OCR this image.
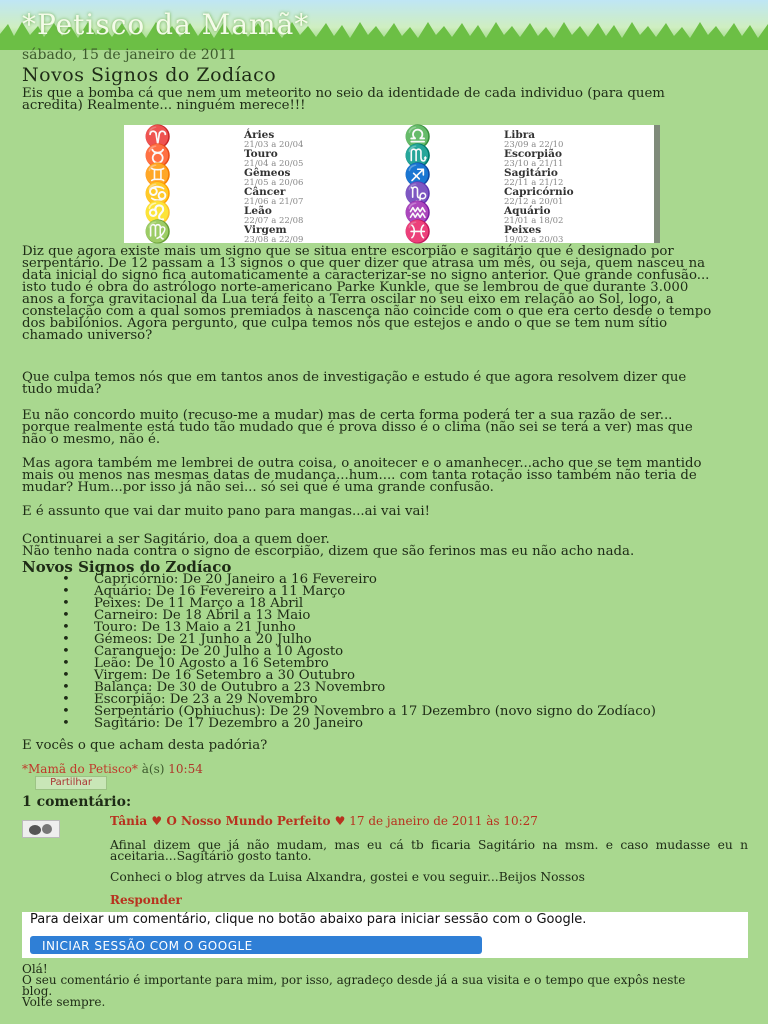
*Petisco da Mamã*
sábado, 15 de janeiro de 2011
Novos Signos do Zodíaco

Eis que a bomba cá que nem um meteorito no seio da identidade de cada individuo (para quem acredita) Realmente... ninguém merece!!!

♈	Áries
21/03 a 20/04
♉	Touro
21/04 a 20/05
♊	Gêmeos
21/05 a 20/06
♋	Câncer
21/06 a 21/07
♌	Leão
22/07 a 22/08
♍	Virgem
23/08 a 22/09
♎	Libra
23/09 a 22/10
♏	Escorpião
23/10 a 21/11
♐	Sagitário
22/11 a 21/12
♑	Capricórnio
22/12 a 20/01
♒	Aquário
21/01 a 18/02
♓	Peixes
19/02 a 20/03

Diz que agora existe mais um signo que se situa entre escorpião e sagitário que é designado por serpentário. De 12 passam a 13 signos o que quer dizer que atrasa um mês, ou seja, quem nasceu na data inicial do signo fica automaticamente a caracterizar-se no signo anterior. Que grande confusão... isto tudo é obra do astrólogo norte-americano Parke Kunkle, que se lembrou de que durante 3.000 anos a força gravitacional da Lua terá feito a Terra oscilar no seu eixo em relação ao Sol, logo, a constelação com a qual somos premiados à nascença não coincide com o que era certo desde o tempo dos babilónios. Agora pergunto, que culpa temos nós que estejos e ando o que se tem num sítio chamado universo?

Que culpa temos nós que em tantos anos de investigação e estudo é que agora resolvem dizer que tudo muda?

Eu não concordo muito (recuso-me a mudar) mas de certa forma poderá ter a sua razão de ser... porque realmente está tudo tão mudado que é prova disso é o clima (não sei se terá a ver) mas que não o mesmo, não é.

Mas agora também me lembrei de outra coisa, o anoitecer e o amanhecer...acho que se tem mantido mais ou menos nas mesmas datas de mudança...hum.... com tanta rotação isso também não teria de mudar? Hum...por isso já não sei... só sei que é uma grande confusão.

E é assunto que vai dar muito pano para mangas...ai vai vai!

Continuarei a ser Sagitário, doa a quem doer.

Não tenho nada contra o signo de escorpião, dizem que são ferinos mas eu não acho nada.

Novos Signos do Zodíaco
• Capricórnio: De 20 Janeiro a 16 Fevereiro
• Aquário: De 16 Fevereiro a 11 Março
• Peixes: De 11 Março a 18 Abril
• Carneiro: De 18 Abril a 13 Maio
• Touro: De 13 Maio a 21 Junho
• Gémeos: De 21 Junho a 20 Julho
• Caranguejo: De 20 Julho a 10 Agosto
• Leão: De 10 Agosto a 16 Setembro
• Virgem: De 16 Setembro a 30 Outubro
• Balança: De 30 de Outubro a 23 Novembro
• Escorpião: De 23 a 29 Novembro
• Serpentário (Ophiuchus): De 29 Novembro a 17 Dezembro (novo signo do Zodíaco)
• Sagitário: De 17 Dezembro a 20 Janeiro

E vocês o que acham desta padória?

*Mamã do Petisco* à(s) 10:54
Partilhar
1 comentário:
Tânia ♥ O Nosso Mundo Perfeito ♥ 17 de janeiro de 2011 às 10:27
Afinal dizem que já não mudam, mas eu cá tb ficaria Sagitário na msm. e caso mudasse eu n aceitaria...Sagitário gosto tanto.
Conheci o blog atrves da Luisa Alxandra, gostei e vou seguir...Beijos Nossos
Responder
Para deixar um comentário, clique no botão abaixo para iniciar sessão com o Google.
INICIAR SESSÃO COM O GOOGLE
Olá!
O seu comentário é importante para mim, por isso, agradeço desde já a sua visita e o tempo que expôs neste blog.
Volte sempre.
